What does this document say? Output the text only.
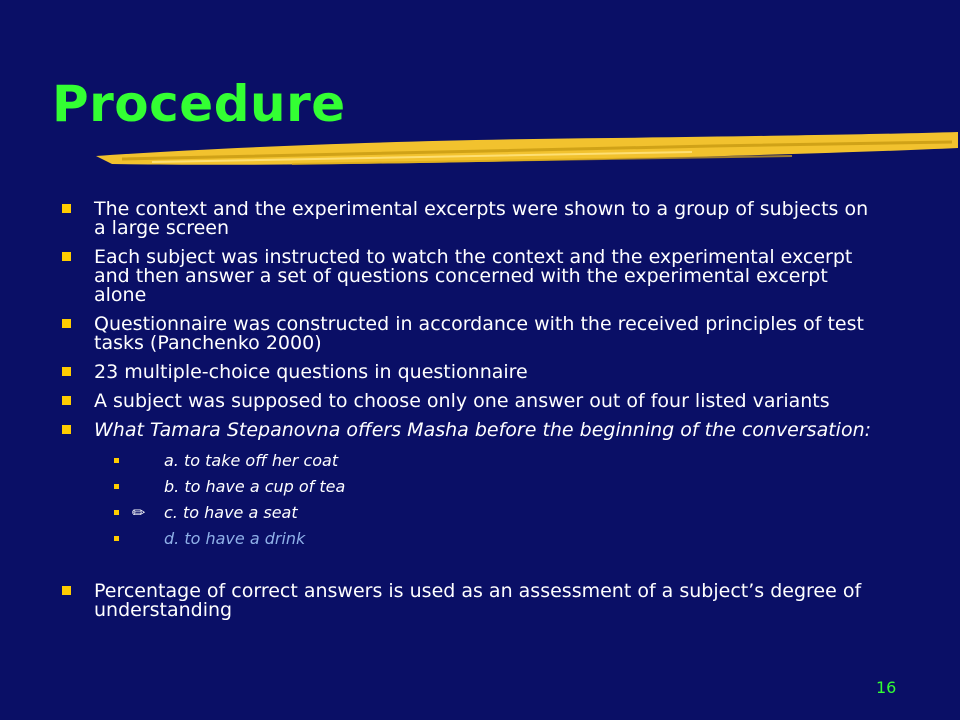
Procedure
The context and the experimental excerpts were shown to a group of subjects on a large screen
Each subject was instructed to watch the context and the experimental excerpt and then answer a set of questions concerned with the experimental excerpt alone
Questionnaire was constructed in accordance with the received principles of test tasks (Panchenko 2000)
23 multiple-choice questions in questionnaire
A subject was supposed to choose only one answer out of four listed variants
What Tamara Stepanovna offers Masha before the beginning of the conversation:
a. to take off her coat
b. to have a cup of tea
✏ c. to have a seat
d. to have a drink
Percentage of correct answers is used as an assessment of a subject’s degree of understanding
16
